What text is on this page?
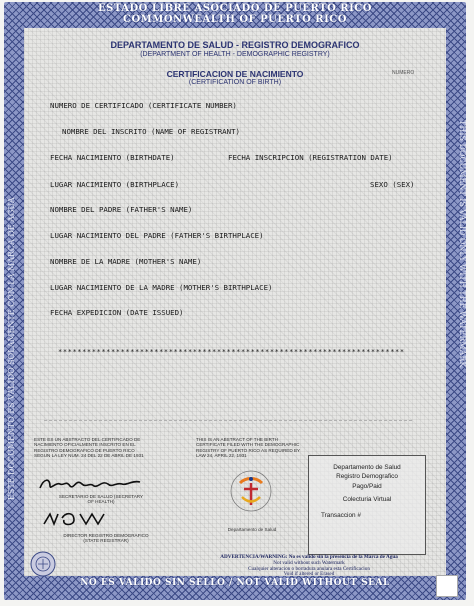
ESTADO LIBRE ASOCIADO DE PUERTO RICO
COMMONWEALTH OF PUERTO RICO
ESTE DOCUMENTO ES VALIDO SOLAMENTE CON LA MARCA DE AGUA	THIS DOCUMENT IS VALID ONLY WITH THE WATERMARK
DEPARTAMENTO DE SALUD - REGISTRO DEMOGRAFICO
(DEPARTMENT OF HEALTH - DEMOGRAPHIC REGISTRY)
CERTIFICACION DE NACIMIENTO
(CERTIFICATION OF BIRTH)
NUMERO
NUMERO DE CERTIFICADO (CERTIFICATE NUMBER)
NOMBRE DEL INSCRITO (NAME OF REGISTRANT)
FECHA NACIMIENTO (BIRTHDATE)	FECHA INSCRIPCION (REGISTRATION DATE)
LUGAR NACIMIENTO (BIRTHPLACE)	SEXO (SEX)
NOMBRE DEL PADRE (FATHER'S NAME)
LUGAR NACIMIENTO DEL PADRE (FATHER'S BIRTHPLACE)
NOMBRE DE LA MADRE (MOTHER'S NAME)
LUGAR NACIMIENTO DE LA MADRE (MOTHER'S BIRTHPLACE)
FECHA EXPEDICION (DATE ISSUED)
************************************************************************
ESTE ES UN ABSTRACTO DEL CERTIFICADO DE NACIMIENTO OFICIALMENTE INSCRITO EN EL REGISTRO DEMOGRAFICO DE PUERTO RICO SEGUN LA LEY NUM. 24 DEL 22 DE ABRIL DE 1931
THIS IS AN ABSTRACT OF THE BIRTH CERTIFICATE FILED WITH THE DEMOGRAPHIC REGISTRY OF PUERTO RICO AS REQUIRED BY LAW 24, APRIL 22, 1931
SECRETARIO DE SALUD (SECRETARY OF HEALTH)
DIRECTOR REGISTRO DEMOGRAFICO (STATE REGISTRAR)
Departamento de Salud
Departamento de Salud
Registro Demografico
Pago/Paid
Colecturia Virtual
Transaccion #
ADVERTENCIA/WARNING: No es valido sin la presencia de la Marca de Agua
Not valid without such Watermark
Cualquier alteracion o borradura anulara esta Certificacion
Void if altered or Erased
NO ES VALIDO SIN SELLO / NOT VALID WITHOUT SEAL
